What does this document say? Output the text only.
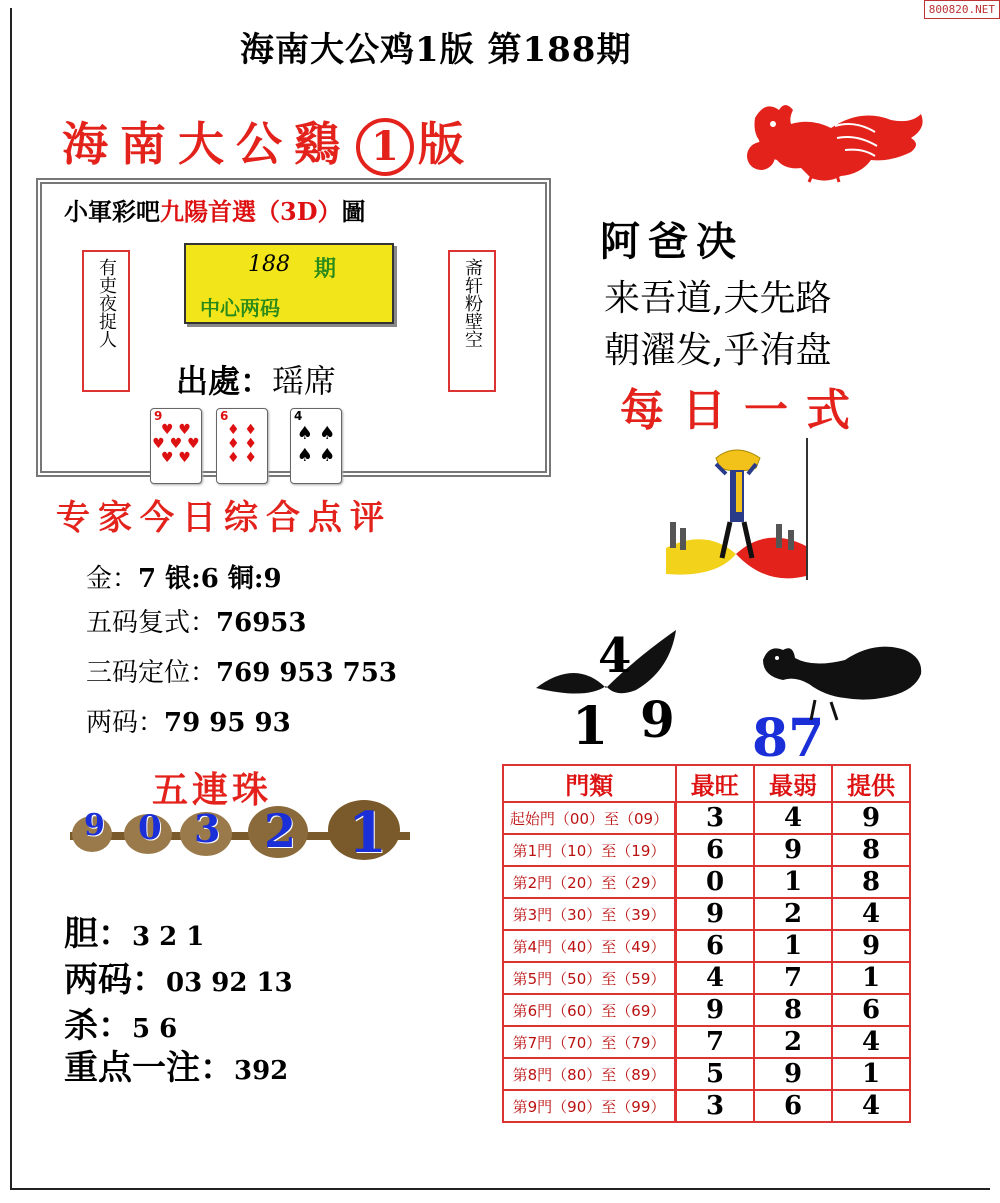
800820.NET
海南大公鸡1版 第188期
海南大公鷄 1 版
小軍彩吧九陽首選（3D）圖
有吏夜捉人	斋轩粉壁空
188 期
中心两码
出處：瑶席
9
♥ ♥
♥ ♥ ♥
♥ ♥
6
♦ ♦
♦ ♦
♦ ♦
4
♠ ♠
♠ ♠
阿爸决
来吾道,夫先路
朝濯发,乎洧盘
每日一式
专家今日综合点评
金：7 银:6 铜:9
五码复式：76953
三码定位：769 953 753
两码：79 95 93
4
1 9 87
五連珠
9 0 3 2 1
胆：3 2 1
两码：03 92 13
杀：5 6
重点一注：392
門類	最旺	最弱	提供
起始門（00）至（09）	3	4	9
第1門（10）至（19）	6	9	8
第2門（20）至（29）	0	1	8
第3門（30）至（39）	9	2	4
第4門（40）至（49）	6	1	9
第5門（50）至（59）	4	7	1
第6門（60）至（69）	9	8	6
第7門（70）至（79）	7	2	4
第8門（80）至（89）	5	9	1
第9門（90）至（99）	3	6	4
